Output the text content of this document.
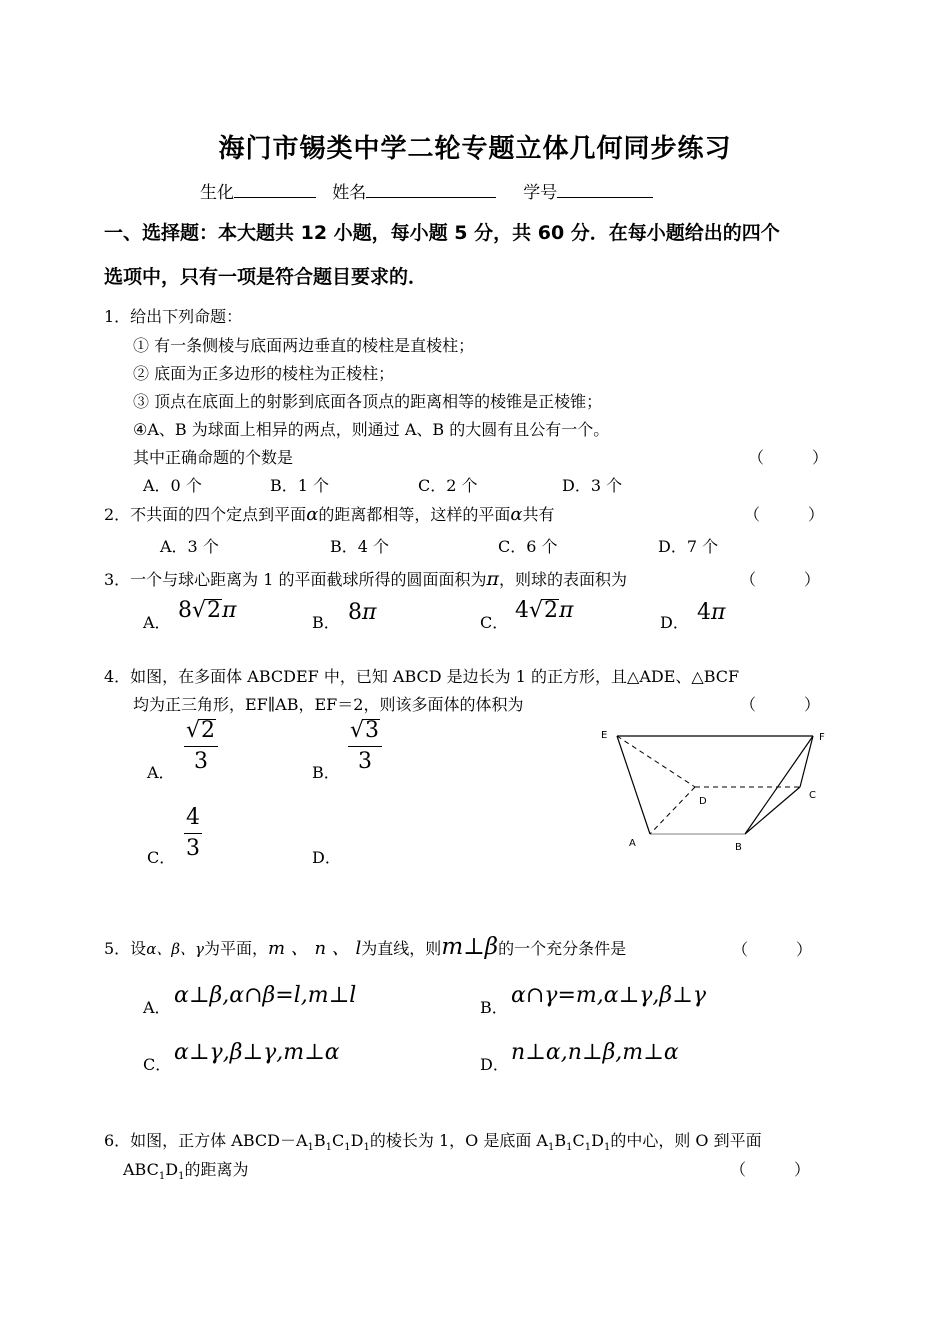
海门市锡类中学二轮专题立体几何同步练习
生化	姓名	学号
一、选择题：本大题共 12 小题，每小题 5 分，共 60 分．在每小题给出的四个
选项中，只有一项是符合题目要求的．
1．给出下列命题：
① 有一条侧棱与底面两边垂直的棱柱是直棱柱；
② 底面为正多边形的棱柱为正棱柱；
③ 顶点在底面上的射影到底面各顶点的距离相等的棱锥是正棱锥；
④A、B 为球面上相异的两点，则通过 A、B 的大圆有且公有一个。
其中正确命题的个数是	（　　　）
A．0 个	B．1 个	C．2 个	D．3 个
2．不共面的四个定点到平面α的距离都相等，这样的平面α共有	（　　　）
A．3 个	B．4 个	C．6 个	D．7 个
3．一个与球心距离为 1 的平面截球所得的圆面面积为π，则球的表面积为	（　　　）
A． 8√2π	B． 8π	C． 4√2π	D． 4π
4．如图，在多面体 ABCDEF 中，已知 ABCD 是边长为 1 的正方形，且△ADE、△BCF
均为正三角形，EF∥AB，EF＝2，则该多面体的体积为	（　　　）
A． $\frac{√2}{3}$	B． $\frac{√3}{3}$
C． $\frac{4}{3}$	D．
E	F
D
C
A	B
5．设α、β、γ为平面，m 、 n 、 l为直线，则m⊥β的一个充分条件是	（　　　）
A． α⊥β,α∩β=l,m⊥l	B． α∩γ=m,α⊥γ,β⊥γ
C． α⊥γ,β⊥γ,m⊥α	D． n⊥α,n⊥β,m⊥α
6．如图，正方体 $ABCD-A_1B_1C_1D_1$的棱长为 1，O 是底面 $A_1B_1C_1D_1$的中心，则 O 到平面
$ABC_1D_1$的距离为	（　　　）
